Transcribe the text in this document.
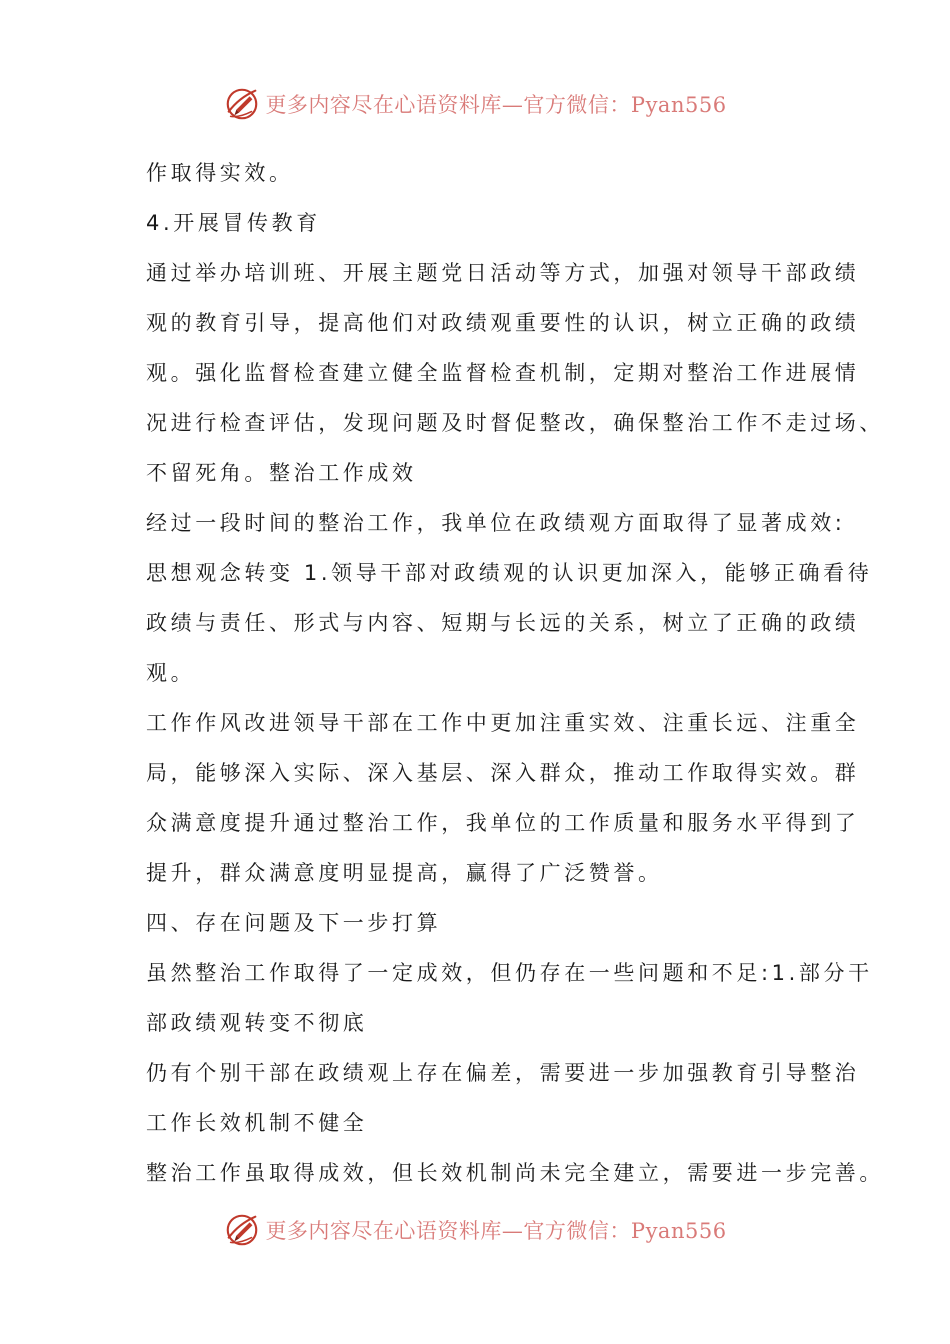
更多内容尽在心语资料库—官方微信：Pyan556
作取得实效。
4.开展冒传教育
通过举办培训班、开展主题党日活动等方式，加强对领导干部政绩
观的教育引导，提高他们对政绩观重要性的认识，树立正确的政绩
观。强化监督检查建立健全监督检查机制，定期对整治工作进展情
况进行检查评估，发现问题及时督促整改，确保整治工作不走过场、
不留死角。整治工作成效
经过一段时间的整治工作，我单位在政绩观方面取得了显著成效:
思想观念转变 1.领导干部对政绩观的认识更加深入，能够正确看待
政绩与责任、形式与内容、短期与长远的关系，树立了正确的政绩
观。
工作作风改进领导干部在工作中更加注重实效、注重长远、注重全
局，能够深入实际、深入基层、深入群众，推动工作取得实效。群
众满意度提升通过整治工作，我单位的工作质量和服务水平得到了
提升，群众满意度明显提高，赢得了广泛赞誉。
四、存在问题及下一步打算
虽然整治工作取得了一定成效，但仍存在一些问题和不足:1.部分干
部政绩观转变不彻底
仍有个别干部在政绩观上存在偏差，需要进一步加强教育引导整治
工作长效机制不健全
整治工作虽取得成效，但长效机制尚未完全建立，需要进一步完善。
更多内容尽在心语资料库—官方微信：Pyan556
